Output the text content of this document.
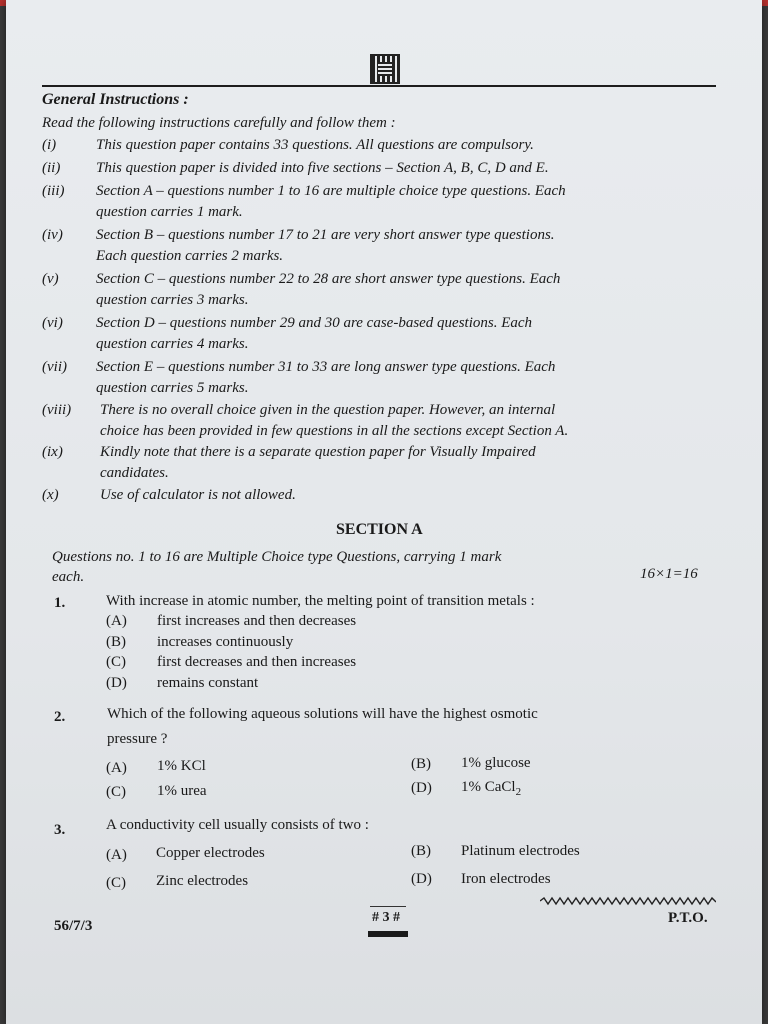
General Instructions :
Read the following instructions carefully and follow them :
(i)	This question paper contains 33 questions. All questions are compulsory.
(ii) This question paper is divided into five sections – Section A, B, C, D and E.
(iii) Section A – questions number 1 to 16 are multiple choice type questions. Each
question carries 1 mark.
(iv) Section B – questions number 17 to 21 are very short answer type questions.
Each question carries 2 marks.
(v) Section C – questions number 22 to 28 are short answer type questions. Each
question carries 3 marks.
(vi) Section D – questions number 29 and 30 are case-based questions. Each
question carries 4 marks.
(vii) Section E – questions number 31 to 33 are long answer type questions. Each
question carries 5 marks.
(viii) There is no overall choice given in the question paper. However, an internal
choice has been provided in few questions in all the sections except Section A.
(ix) Kindly note that there is a separate question paper for Visually Impaired
candidates.
(x)	Use of calculator is not allowed.
SECTION A
Questions no. 1 to 16 are Multiple Choice type Questions, carrying 1 mark
each.	16×1=16
1.	With increase in atomic number, the melting point of transition metals :
(A) first increases and then decreases
(B) increases continuously
(C) first decreases and then increases
(D) remains constant
2.	Which of the following aqueous solutions will have the highest osmotic
pressure ?
(A) 1% KCl	(B) 1% glucose
(C) 1% urea	(D) 1% CaCl$_2$
3.	A conductivity cell usually consists of two :
(A) Copper electrodes	(B) Platinum electrodes
(C) Zinc electrodes	(D) Iron electrodes
56/7/3
# 3 #	P.T.O.
